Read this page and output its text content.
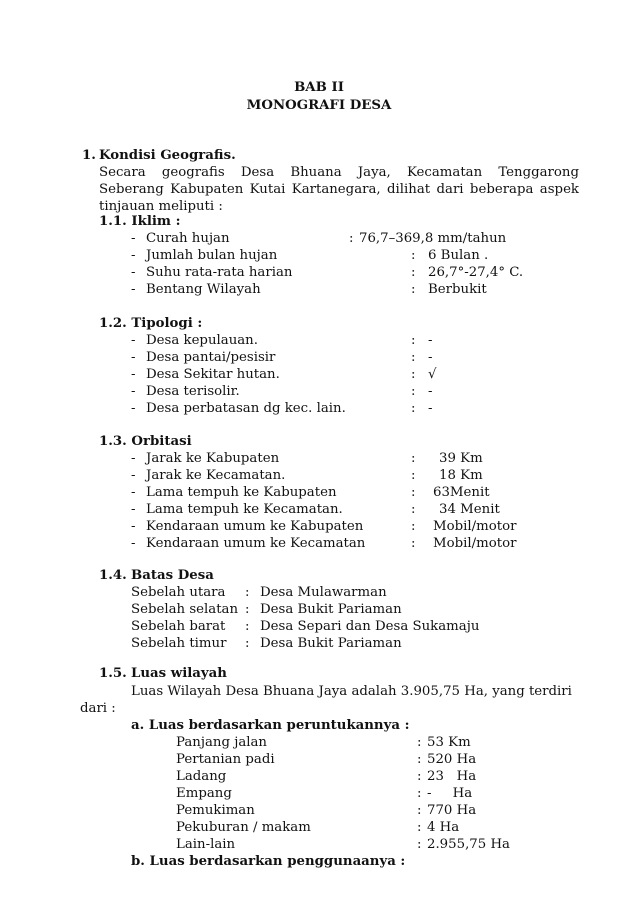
BAB II
MONOGRAFI DESA
1. Kondisi Geografis.
Secara geografis Desa Bhuana Jaya, Kecamatan Tenggarong
Seberang Kabupaten Kutai Kartanegara, dilihat dari beberapa aspek
tinjauan meliputi :
1.1. Iklim :
- Curah hujan	: 76,7–369,8 mm/tahun
- Jumlah bulan hujan	: 6 Bulan .
- Suhu rata-rata harian	: 26,7°-27,4° C.
- Bentang Wilayah	: Berbukit
1.2. Tipologi :
- Desa kepulauan.	: -
- Desa pantai/pesisir	: -
- Desa Sekitar hutan.	: √
- Desa terisolir.	: -
- Desa perbatasan dg kec. lain.	: -
1.3. Orbitasi
- Jarak ke Kabupaten	: 39 Km
- Jarak ke Kecamatan.	: 18 Km
- Lama tempuh ke Kabupaten	: 63Menit
- Lama tempuh ke Kecamatan.	: 34 Menit
- Kendaraan umum ke Kabupaten	: Mobil/motor
- Kendaraan umum ke Kecamatan	: Mobil/motor
1.4. Batas Desa
Sebelah utara : Desa Mulawarman
Sebelah selatan : Desa Bukit Pariaman
Sebelah barat : Desa Separi dan Desa Sukamaju
Sebelah timur : Desa Bukit Pariaman
1.5. Luas wilayah
Luas Wilayah Desa Bhuana Jaya adalah 3.905,75 Ha, yang terdiri
dari :
a. Luas berdasarkan peruntukannya :
Panjang jalan	: 53 Km
Pertanian padi	: 520 Ha
Ladang	: 23   Ha
Empang	: -     Ha
Pemukiman	: 770 Ha
Pekuburan / makam	: 4 Ha
Lain-lain	: 2.955,75 Ha
b. Luas berdasarkan penggunaanya :
